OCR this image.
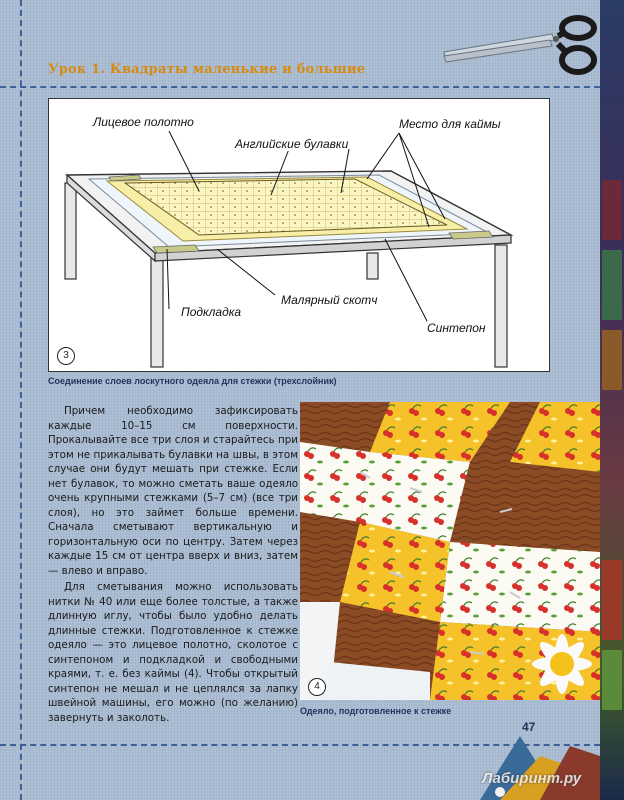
Урок 1. Квадраты маленькие и большие
Лицевое полотно
Английские булавки
Место для каймы
Подкладка
Малярный скотч
Синтепон
3
Соединение слоев лоскутного одеяла для стежки (трехслойник)

Причем необходимо зафиксировать каждые 10–15 см поверхности. Прокалывайте все три слоя и старайтесь при этом не прикалывать булавки на швы, в этом случае они будут мешать при стежке. Если нет булавок, то можно сметать ваше одеяло очень крупными стежками (5–7 см) (все три слоя), но это займет больше времени. Сначала сметывают вертикальную и горизонтальную оси по центру. Затем через каждые 15 см от центра вверх и вниз, затем — влево и вправо.

Для сметывания можно использовать нитки № 40 или еще более толстые, а также длинную иглу, чтобы было удобно делать длинные стежки. Подготовленное к стежке одеяло — это лицевое полотно, сколотое с синтепоном и подкладкой и свободными краями, т. е. без каймы (4). Чтобы открытый синтепон не мешал и не цеплялся за лапку швейной машины, его можно (по желанию) завернуть и заколоть.

4
Одеяло, подготовленное к стежке
47
Лабиринт.ру
